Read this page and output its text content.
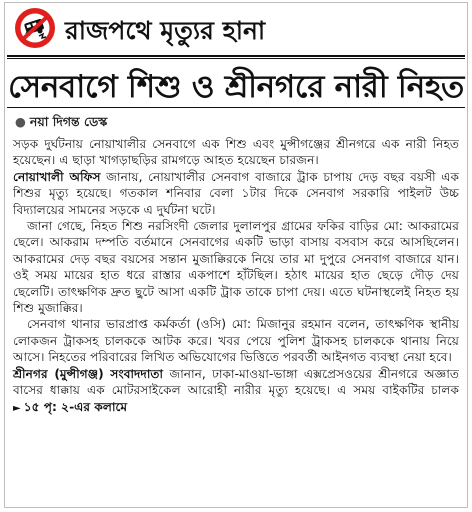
রাজপথে মৃত্যুর হানা
সেনবাগে শিশু ও শ্রীনগরে নারী নিহত
● নয়া দিগন্ত ডেস্ক

সড়ক দুর্ঘটনায় নোয়াখালীর সেনবাগে এক শিশু এবং মুন্সীগঞ্জের শ্রীনগরে এক নারী নিহত হয়েছেন। এ ছাড়া খাগড়াছড়ির রামগড়ে আহত হয়েছেন চারজন।

নোয়াখালী অফিস জানায়, নোয়াখালীর সেনবাগ বাজারে ট্রাক চাপায় দেড় বছর বয়সী এক শিশুর মৃত্যু হয়েছে। গতকাল শনিবার বেলা ১টার দিকে সেনবাগ সরকারি পাইলট উচ্চ বিদ্যালয়ের সামনের সড়কে এ দুর্ঘটনা ঘটে।

জানা গেছে, নিহত শিশু নরসিংদী জেলার দুলালপুর গ্রামের ফকির বাড়ির মো: আকরামের ছেলে। আকরাম দম্পতি বর্তমানে সেনবাগের একটি ভাড়া বাসায় বসবাস করে আসছিলেন। আকরামের দেড় বছর বয়সের সন্তান মুজাক্কিরকে নিয়ে তার মা দুপুরে সেনবাগ বাজারে যান। ওই সময় মায়ের হাত ধরে রাস্তার একপাশে হাঁটছিল। হঠাৎ মায়ের হাত ছেড়ে দৌড় দেয় ছেলেটি। তাৎক্ষণিক দ্রুত ছুটে আসা একটি ট্রাক তাকে চাপা দেয়। এতে ঘটনাস্থলেই নিহত হয় শিশু মুজাক্কির।

সেনবাগ থানার ভারপ্রাপ্ত কর্মকর্তা (ওসি) মো: মিজানুর রহমান বলেন, তাৎক্ষণিক স্থানীয় লোকজন ট্রাকসহ চালককে আটক করে। খবর পেয়ে পুলিশ ট্রাকসহ চালককে থানায় নিয়ে আসে। নিহতের পরিবারের লিখিত অভিযোগের ভিত্তিতে পরবর্তী আইনগত ব্যবস্থা নেয়া হবে।

শ্রীনগর (মুন্সীগঞ্জ) সংবাদদাতা জানান, ঢাকা-মাওয়া-ভাঙ্গা এক্সপ্রেসওয়ের শ্রীনগরে অজ্ঞাত বাসের ধাক্কায় এক মোটরসাইকেল আরোহী নারীর মৃত্যু হয়েছে। এ সময় বাইকটির চালক ► ১৫ পৃ: ২-এর কলামে
